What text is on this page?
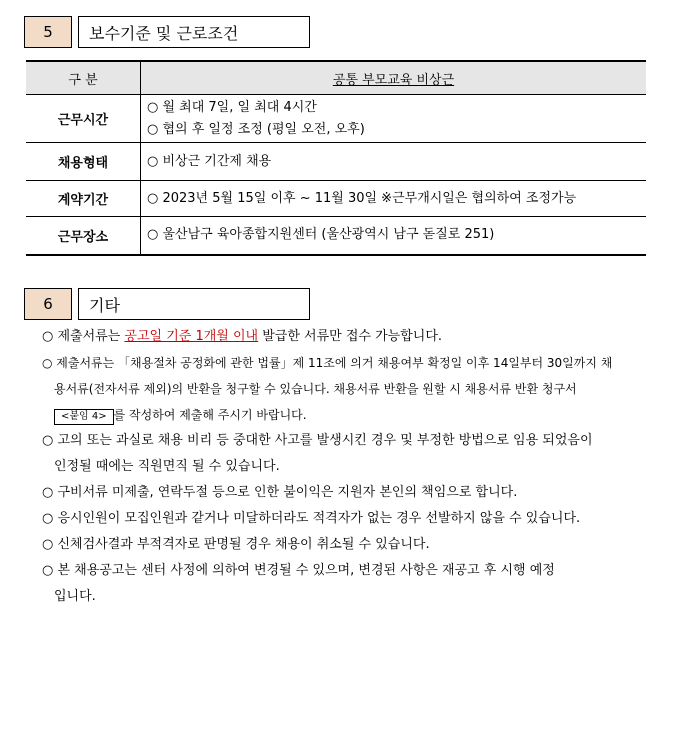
5	보수기준 및 근로조건
구 분	공통 부모교육 비상근
근무시간	○ 월 최대 7일, 일 최대 4시간
○ 협의 후 일정 조정 (평일 오전, 오후)

채용형태	○ 비상근 기간제 채용

계약기간	○ 2023년 5월 15일 이후 ~ 11월 30일 ※근무개시일은 협의하여 조정가능

근무장소	○ 울산남구 육아종합지원센터 (울산광역시 남구 돋질로 251)
6	기타
○ 제출서류는 공고일 기준 1개월 이내 발급한 서류만 접수 가능합니다.
○ 제출서류는 「채용절차 공정화에 관한 법률」제 11조에 의거 채용여부 확정일 이후 14일부터 30일까지 채
용서류(전자서류 제외)의 반환을 청구할 수 있습니다. 채용서류 반환을 원할 시 채용서류 반환 청구서
<붙임 4> 를 작성하여 제출해 주시기 바랍니다.
○ 고의 또는 과실로 채용 비리 등 중대한 사고를 발생시킨 경우 및 부정한 방법으로 임용 되었음이
인정될 때에는 직원면직 될 수 있습니다.
○ 구비서류 미제출, 연락두절 등으로 인한 불이익은 지원자 본인의 책임으로 합니다.
○ 응시인원이 모집인원과 같거나 미달하더라도 적격자가 없는 경우 선발하지 않을 수 있습니다.
○ 신체검사결과 부적격자로 판명될 경우 채용이 취소될 수 있습니다.
○ 본 채용공고는 센터 사정에 의하여 변경될 수 있으며, 변경된 사항은 재공고 후 시행 예정
입니다.
